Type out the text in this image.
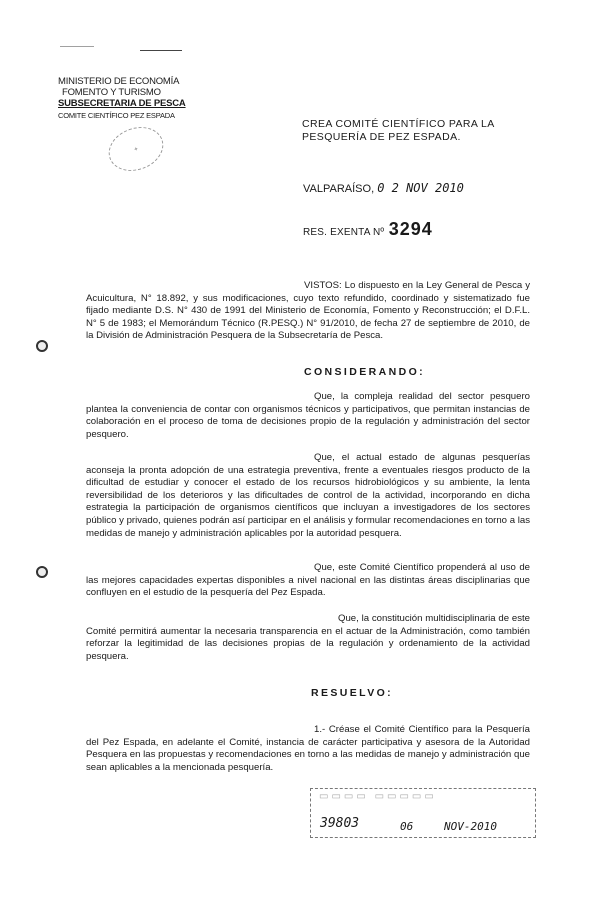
MINISTERIO DE ECONOMÍA
FOMENTO Y TURISMO
SUBSECRETARIA DE PESCA
COMITE CIENTÍFICO PEZ ESPADA
✦
CREA COMITÉ CIENTÍFICO PARA LA
PESQUERÍA DE PEZ ESPADA.
VALPARAÍSO, 0 2 NOV 2010
RES. EXENTA Nº 3294
VISTOS: Lo dispuesto en la Ley General de Pesca y Acuicultura, N° 18.892, y sus modificaciones, cuyo texto refundido, coordinado y sistematizado fue fijado mediante D.S. N° 430 de 1991 del Ministerio de Economía, Fomento y Reconstrucción; el D.F.L. N° 5 de 1983; el Memorándum Técnico (R.PESQ.) N° 91/2010, de fecha 27 de septiembre de 2010, de la División de Administración Pesquera de la Subsecretaría de Pesca.
CONSIDERANDO:
Que, la compleja realidad del sector pesquero plantea la conveniencia de contar con organismos técnicos y participativos, que permitan instancias de colaboración en el proceso de toma de decisiones propio de la regulación y administración del sector pesquero.
Que, el actual estado de algunas pesquerías aconseja la pronta adopción de una estrategia preventiva, frente a eventuales riesgos producto de la dificultad de estudiar y conocer el estado de los recursos hidrobiológicos y su ambiente, la lenta reversibilidad de los deterioros y las dificultades de control de la actividad, incorporando en dicha estrategia la participación de organismos científicos que incluyan a investigadores de los sectores público y privado, quienes podrán así participar en el análisis y formular recomendaciones en torno a las medidas de manejo y administración aplicables por la autoridad pesquera.
Que, este Comité Científico propenderá al uso de las mejores capacidades expertas disponibles a nivel nacional en las distintas áreas disciplinarias que confluyen en el estudio de la pesquería del Pez Espada.
Que, la constitución multidisciplinaria de este Comité permitirá aumentar la necesaria transparencia en el actuar de la Administración, como también reforzar la legitimidad de las decisiones propias de la regulación y ordenamiento de la actividad pesquera.
RESUELVO:
1.- Créase el Comité Científico para la Pesquería del Pez Espada, en adelante el Comité, instancia de carácter participativa y asesora de la Autoridad Pesquera en las propuestas y recomendaciones en torno a las medidas de manejo y administración que sean aplicables a la mencionada pesquería.
▭▭▭▭ ▭▭▭▭▭
39803	06	NOV-2010
